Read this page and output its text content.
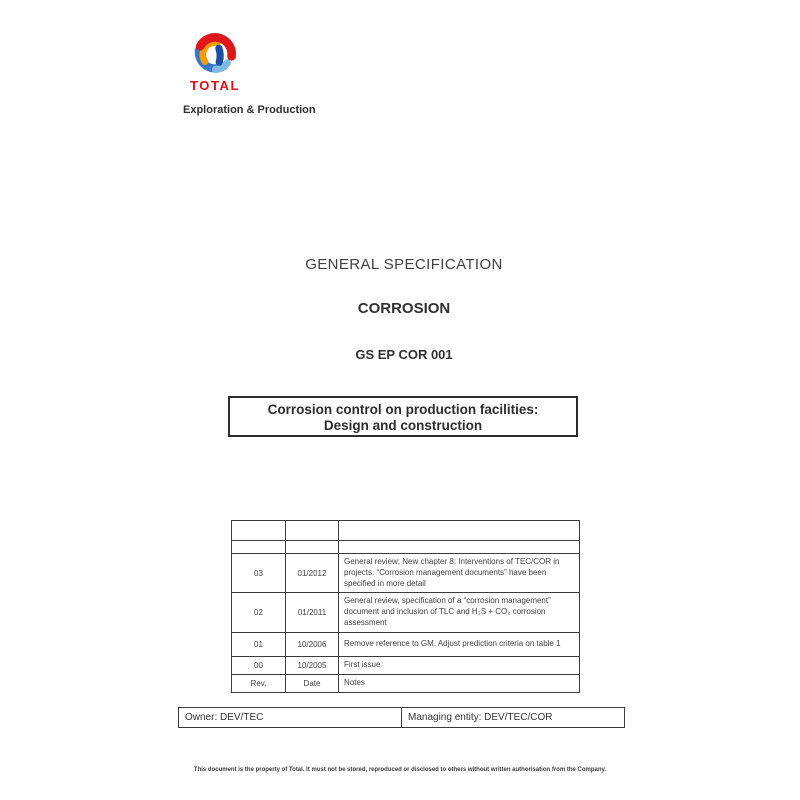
TOTAL
Exploration & Production
GENERAL SPECIFICATION
CORROSION
GS EP COR 001
Corrosion control on production facilities:
Design and construction

03	01/2012	General review; New chapter 8: Interventions of TEC/COR in projects. “Corrosion management documents” have been specified in more detail
02	01/2011	General review, specification of a “corrosion management” document and inclusion of TLC and H₂S + CO₂ corrosion assessment
01	10/2006	Remove reference to GM. Adjust prediction criteria on table 1
00	10/2005	First issue
Rev.	Date	Notes
Owner: DEV/TEC	Managing entity: DEV/TEC/COR
This document is the property of Total. It must not be stored, reproduced or disclosed to others without written authorisation from the Company.
